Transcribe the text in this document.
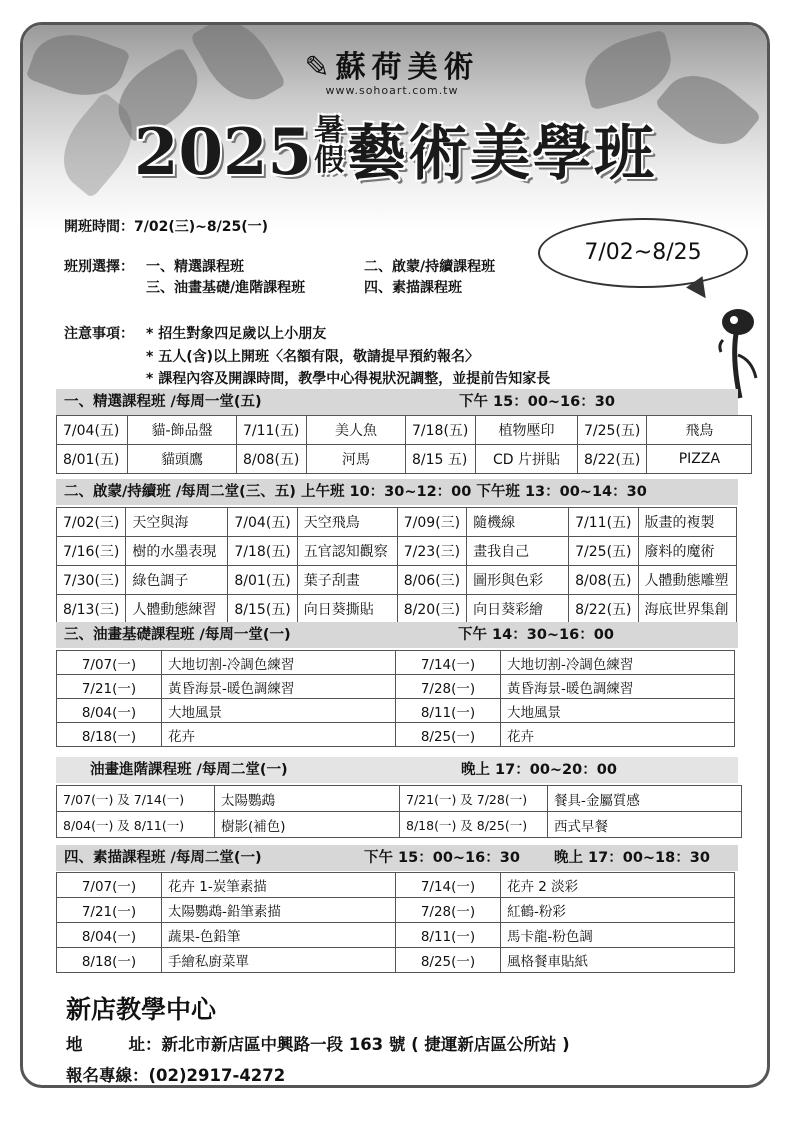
✎ 蘇荷美術
www.sohoart.com.tw
2025暑
假藝術美學班
開班時間：7/02(三)~8/25(一)
班別選擇： 一、精選課程班	二、啟蒙/持續課程班
三、油畫基礎/進階課程班	四、素描課程班
7/02~8/25
注意事項： * 招生對象四足歲以上小朋友
* 五人(含)以上開班〈名額有限，敬請提早預約報名〉
* 課程內容及開課時間，教學中心得視狀況調整，並提前告知家長
一、精選課程班 /每周一堂(五)	下午 15：00~16：30
7/04(五)	貓-飾品盤	7/11(五)	美人魚	7/18(五)	植物壓印	7/25(五)	飛鳥
8/01(五)	貓頭鷹	8/08(五)	河馬	8/15 五)	CD 片拼貼	8/22(五)	PIZZA
二、啟蒙/持續班 /每周二堂(三、五) 上午班 10：30~12：00 下午班 13：00~14：30
7/02(三)	天空與海	7/04(五)	天空飛鳥	7/09(三)	隨機線	7/11(五)	版畫的複製
7/16(三)	樹的水墨表現	7/18(五)	五官認知觀察	7/23(三)	畫我自己	7/25(五)	廢料的魔術
7/30(三)	綠色調子	8/01(五)	葉子刮畫	8/06(三)	圖形與色彩	8/08(五)	人體動態雕塑
8/13(三)	人體動態練習	8/15(五)	向日葵撕貼	8/20(三)	向日葵彩繪	8/22(五)	海底世界集創
三、油畫基礎課程班 /每周一堂(一)	下午 14：30~16：00
7/07(一)	大地切割-冷調色練習	7/14(一)	大地切割-冷調色練習
7/21(一)	黃昏海景-暖色調練習	7/28(一)	黃昏海景-暖色調練習
8/04(一)	大地風景	8/11(一)	大地風景
8/18(一)	花卉	8/25(一)	花卉
油畫進階課程班 /每周二堂(一)	晚上 17：00~20：00
7/07(一) 及 7/14(一)	太陽鸚鵡	7/21(一) 及 7/28(一)	餐具-金屬質感
8/04(一) 及 8/11(一)	樹影(補色)	8/18(一) 及 8/25(一)	西式早餐
四、素描課程班 /每周二堂(一)	下午 15：00~16：30 晚上 17：00~18：30
7/07(一)	花卉 1-炭筆素描	7/14(一)	花卉 2 淡彩
7/21(一)	太陽鸚鵡-鉛筆素描	7/28(一)	紅鶴-粉彩
8/04(一)	蔬果-色鉛筆	8/11(一)	馬卡龍-粉色調
8/18(一)	手繪私廚菜單	8/25(一)	風格餐車貼紙
新店教學中心
地        址：新北市新店區中興路一段 163 號 ( 捷運新店區公所站 )
報名專線：(02)2917-4272
